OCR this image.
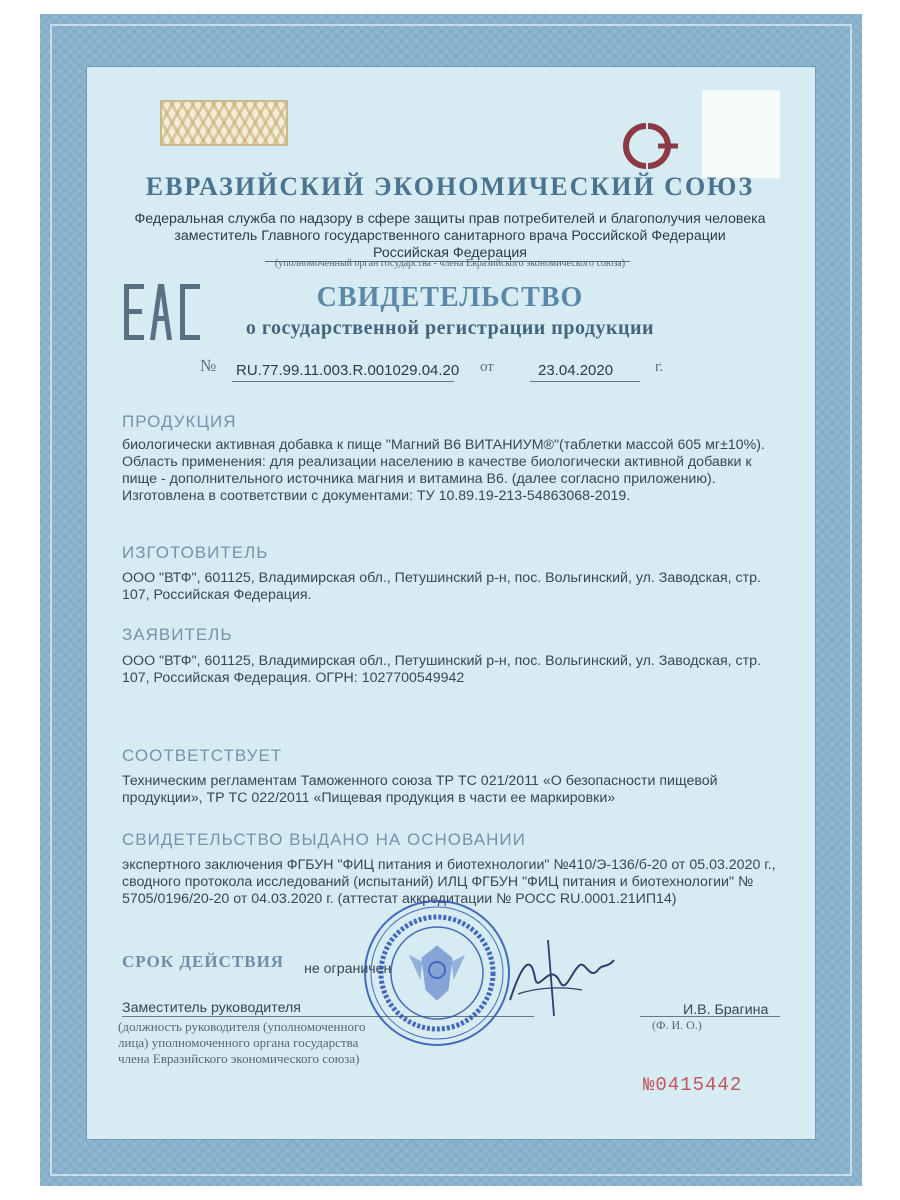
ЕВРАЗИЙСКИЙ ЭКОНОМИЧЕСКИЙ СОЮЗ

Федеральная служба по надзору в сфере защиты прав потребителей и благополучия человека
заместитель Главного государственного санитарного врача Российской Федерации
Российская Федерация

(уполномоченный орган государства - члена Евразийского экономического союза)

СВИДЕТЕЛЬСТВО

о государственной регистрации продукции

№ RU.77.99.11.003.R.001029.04.20 от	23.04.2020	г.

ПРОДУКЦИЯ

биологически активная добавка к пище "Магний В6 ВИТАНИУМ®"(таблетки массой 605 мг±10%).
Область применения: для реализации населению в качестве биологически активной добавки к
пище - дополнительного источника магния и витамина В6. (далее согласно приложению).
Изготовлена в соответствии с документами: ТУ 10.89.19-213-54863068-2019.

ИЗГОТОВИТЕЛЬ

ООО "ВТФ", 601125, Владимирская обл., Петушинский р-н, пос. Вольгинский, ул. Заводская, стр.
107, Российская Федерация.

ЗАЯВИТЕЛЬ

ООО "ВТФ", 601125, Владимирская обл., Петушинский р-н, пос. Вольгинский, ул. Заводская, стр.
107, Российская Федерация. ОГРН: 1027700549942

СООТВЕТСТВУЕТ

Техническим регламентам Таможенного союза ТР ТС 021/2011 «О безопасности пищевой
продукции», ТР ТС 022/2011 «Пищевая продукция в части ее маркировки»

СВИДЕТЕЛЬСТВО ВЫДАНО НА ОСНОВАНИИ

экспертного заключения ФГБУН "ФИЦ питания и биотехнологии" №410/Э-136/б-20 от 05.03.2020 г.,
сводного протокола исследований (испытаний) ИЛЦ ФГБУН "ФИЦ питания и биотехнологии" №
5705/0196/20-20 от 04.03.2020 г. (аттестат аккредитации № РОСС RU.0001.21ИП14)

СРОК ДЕЙСТВИЯ не ограничен

Заместитель руководителя	И.В. Брагина

(должность руководителя (уполномоченного
лица) уполномоченного органа государства
члена Евразийского экономического союза)

(Ф. И. О.)

№0415442
